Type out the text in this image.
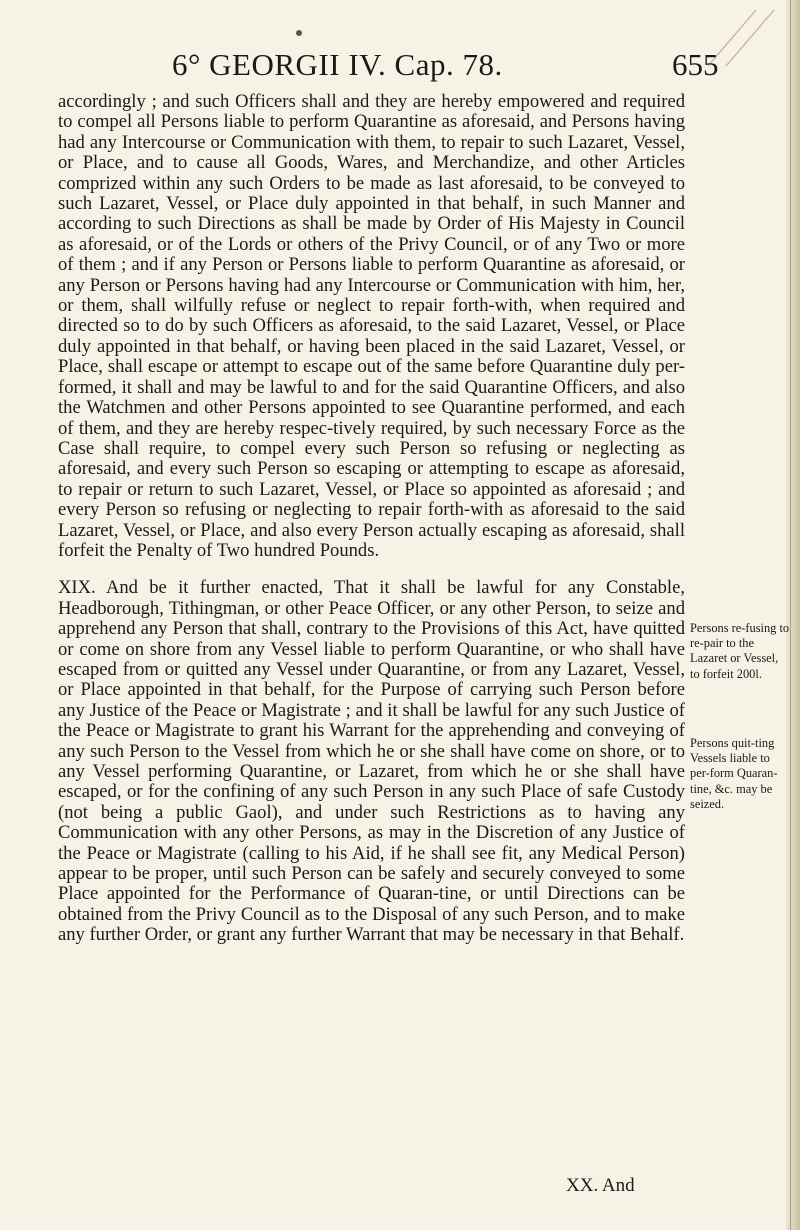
6° GEORGII IV. Cap. 78.	655

accordingly ; and such Officers shall and they are hereby empowered and required to compel all Persons liable to perform Quarantine as aforesaid, and Persons having had any Intercourse or Communication with them, to repair to such Lazaret, Vessel, or Place, and to cause all Goods, Wares, and Merchandize, and other Articles comprized within any such Orders to be made as last aforesaid, to be conveyed to such Lazaret, Vessel, or Place duly appointed in that behalf, in such Manner and according to such Directions as shall be made by Order of His Majesty in Council as aforesaid, or of the Lords or others of the Privy Council, or of any Two or more of them ; and if any Person or Persons liable to perform Quarantine as aforesaid, or any Person or Persons having had any Intercourse or Communication with him, her, or them, shall wilfully refuse or neglect to repair forth-with, when required and directed so to do by such Officers as aforesaid, to the said Lazaret, Vessel, or Place duly appointed in that behalf, or having been placed in the said Lazaret, Vessel, or Place, shall escape or attempt to escape out of the same before Quarantine duly per-formed, it shall and may be lawful to and for the said Quarantine Officers, and also the Watchmen and other Persons appointed to see Quarantine performed, and each of them, and they are hereby respec-tively required, by such necessary Force as the Case shall require, to compel every such Person so refusing or neglecting as aforesaid, and every such Person so escaping or attempting to escape as aforesaid, to repair or return to such Lazaret, Vessel, or Place so appointed as aforesaid ; and every Person so refusing or neglecting to repair forth-with as aforesaid to the said Lazaret, Vessel, or Place, and also every Person actually escaping as aforesaid, shall forfeit the Penalty of Two hundred Pounds.

XIX. And be it further enacted, That it shall be lawful for any Constable, Headborough, Tithingman, or other Peace Officer, or any other Person, to seize and apprehend any Person that shall, contrary to the Provisions of this Act, have quitted or come on shore from any Vessel liable to perform Quarantine, or who shall have escaped from or quitted any Vessel under Quarantine, or from any Lazaret, Vessel, or Place appointed in that behalf, for the Purpose of carrying such Person before any Justice of the Peace or Magistrate ; and it shall be lawful for any such Justice of the Peace or Magistrate to grant his Warrant for the apprehending and conveying of any such Person to the Vessel from which he or she shall have come on shore, or to any Vessel performing Quarantine, or Lazaret, from which he or she shall have escaped, or for the confining of any such Person in any such Place of safe Custody (not being a public Gaol), and under such Restrictions as to having any Communication with any other Persons, as may in the Discretion of any Justice of the Peace or Magistrate (calling to his Aid, if he shall see fit, any Medical Person) appear to be proper, until such Person can be safely and securely conveyed to some Place appointed for the Performance of Quaran-tine, or until Directions can be obtained from the Privy Council as to the Disposal of any such Person, and to make any further Order, or grant any further Warrant that may be necessary in that Behalf.

Persons re-fusing to re-pair to the Lazaret or Vessel, to forfeit 200l.
Persons quit-ting Vessels liable to per-form Quaran-tine, &c. may be seized.
XX. And
